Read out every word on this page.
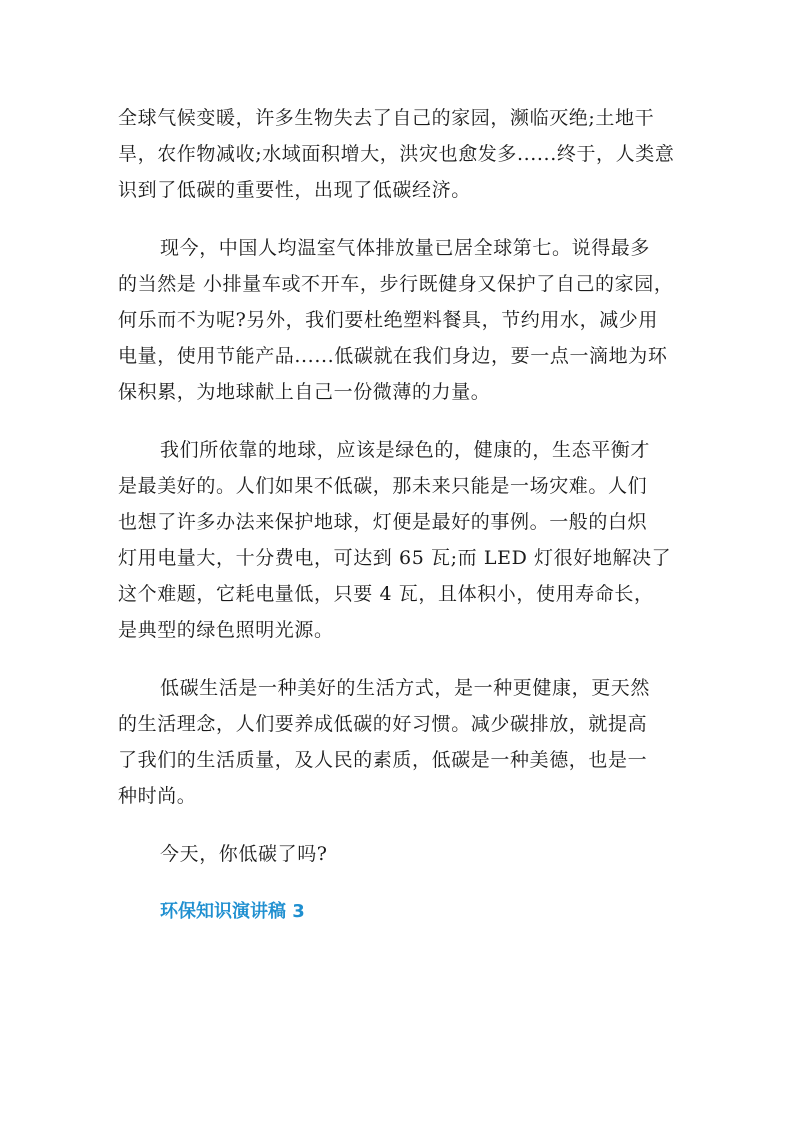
全球气候变暖，许多生物失去了自己的家园，濒临灭绝;土地干
旱，农作物减收;水域面积增大，洪灾也愈发多......终于，人类意
识到了低碳的重要性，出现了低碳经济。
现今，中国人均温室气体排放量已居全球第七。说得最多
的当然是 小排量车或不开车，步行既健身又保护了自己的家园，
何乐而不为呢?另外，我们要杜绝塑料餐具，节约用水，减少用
电量，使用节能产品......低碳就在我们身边，要一点一滴地为环
保积累，为地球献上自己一份微薄的力量。
我们所依靠的地球，应该是绿色的，健康的，生态平衡才
是最美好的。人们如果不低碳，那未来只能是一场灾难。人们
也想了许多办法来保护地球，灯便是最好的事例。一般的白炽
灯用电量大，十分费电，可达到 65 瓦;而 LED 灯很好地解决了
这个难题，它耗电量低，只要 4 瓦，且体积小，使用寿命长，
是典型的绿色照明光源。
低碳生活是一种美好的生活方式，是一种更健康，更天然
的生活理念，人们要养成低碳的好习惯。减少碳排放，就提高
了我们的生活质量，及人民的素质，低碳是一种美德，也是一
种时尚。
今天，你低碳了吗?
环保知识演讲稿 3
